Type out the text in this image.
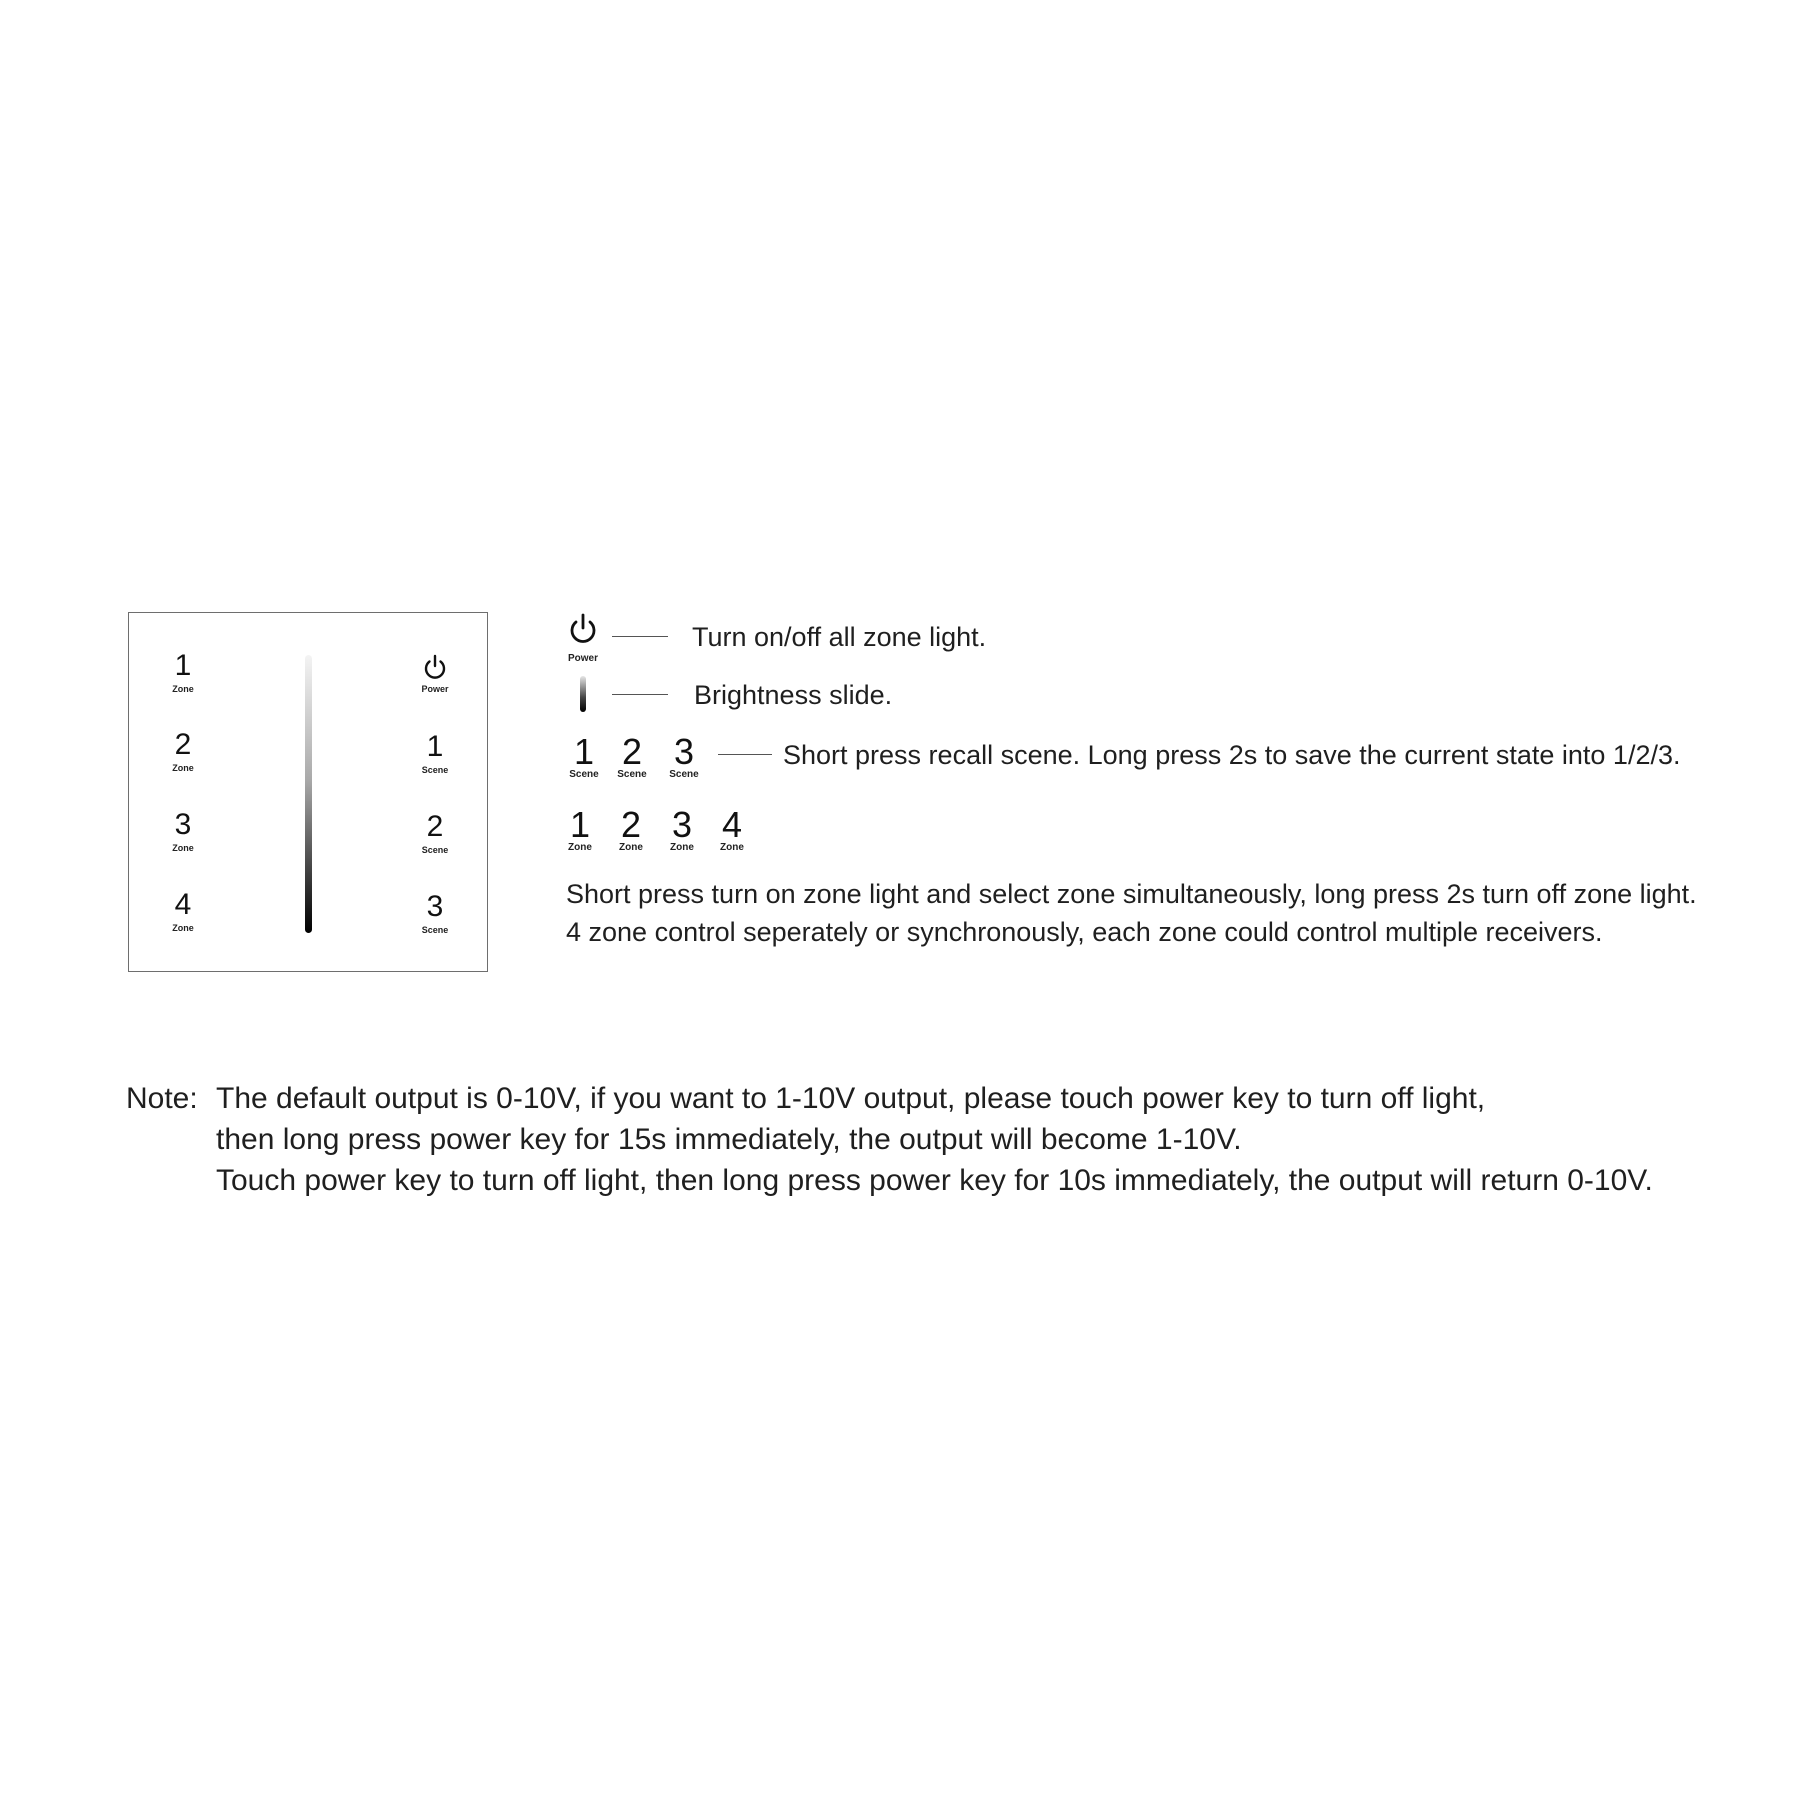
1
Zone
2
Zone
3
Zone
4
Zone
Power
1
Scene
2
Scene
3
Scene
Power
Turn on/off all zone light.
Brightness slide.
1
Scene
2
Scene
3
Scene
Short press recall scene. Long press 2s to save the current state into 1/2/3.
1
Zone
2
Zone
3
Zone
4
Zone
Short press turn on zone light and select zone simultaneously, long press 2s turn off zone light.
4 zone control seperately or synchronously, each zone could control multiple receivers.
Note: The default output is 0-10V, if you want to 1-10V output, please touch power key to turn off light,
then long press power key for 15s immediately, the output will become 1-10V.
Touch power key to turn off light, then long press power key for 10s immediately, the output will return 0-10V.
